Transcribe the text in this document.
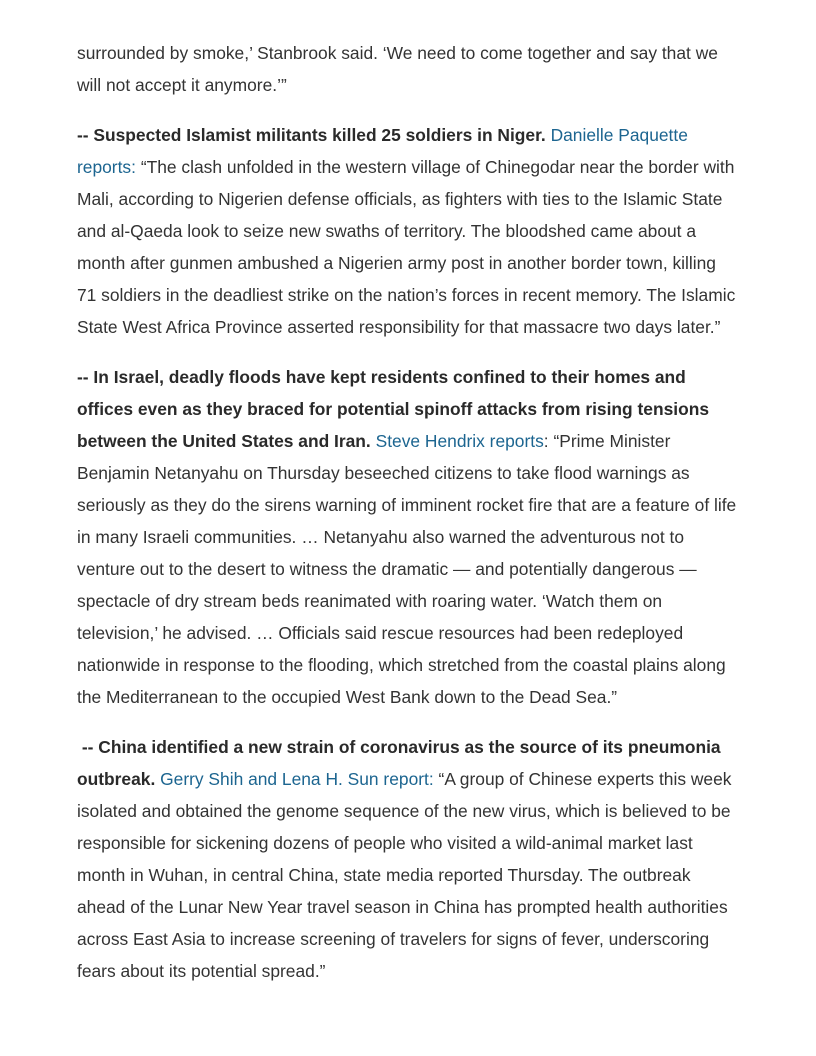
surrounded by smoke,’ Stanbrook said. ‘We need to come together and say that we will not accept it anymore.’”

-- Suspected Islamist militants killed 25 soldiers in Niger. Danielle Paquette reports: “The clash unfolded in the western village of Chinegodar near the border with Mali, according to Nigerien defense officials, as fighters with ties to the Islamic State and al-Qaeda look to seize new swaths of territory. The bloodshed came about a month after gunmen ambushed a Nigerien army post in another border town, killing 71 soldiers in the deadliest strike on the nation’s forces in recent memory. The Islamic State West Africa Province asserted responsibility for that massacre two days later.”

-- In Israel, deadly floods have kept residents confined to their homes and offices even as they braced for potential spinoff attacks from rising tensions between the United States and Iran. Steve Hendrix reports: “Prime Minister Benjamin Netanyahu on Thursday beseeched citizens to take flood warnings as seriously as they do the sirens warning of imminent rocket fire that are a feature of life in many Israeli communities. … Netanyahu also warned the adventurous not to venture out to the desert to witness the dramatic — and potentially dangerous — spectacle of dry stream beds reanimated with roaring water. ‘Watch them on television,’ he advised. … Officials said rescue resources had been redeployed nationwide in response to the flooding, which stretched from the coastal plains along the Mediterranean to the occupied West Bank down to the Dead Sea.”

-- China identified a new strain of coronavirus as the source of its pneumonia outbreak. Gerry Shih and Lena H. Sun report: “A group of Chinese experts this week isolated and obtained the genome sequence of the new virus, which is believed to be responsible for sickening dozens of people who visited a wild-animal market last month in Wuhan, in central China, state media reported Thursday. The outbreak ahead of the Lunar New Year travel season in China has prompted health authorities across East Asia to increase screening of travelers for signs of fever, underscoring fears about its potential spread.”
